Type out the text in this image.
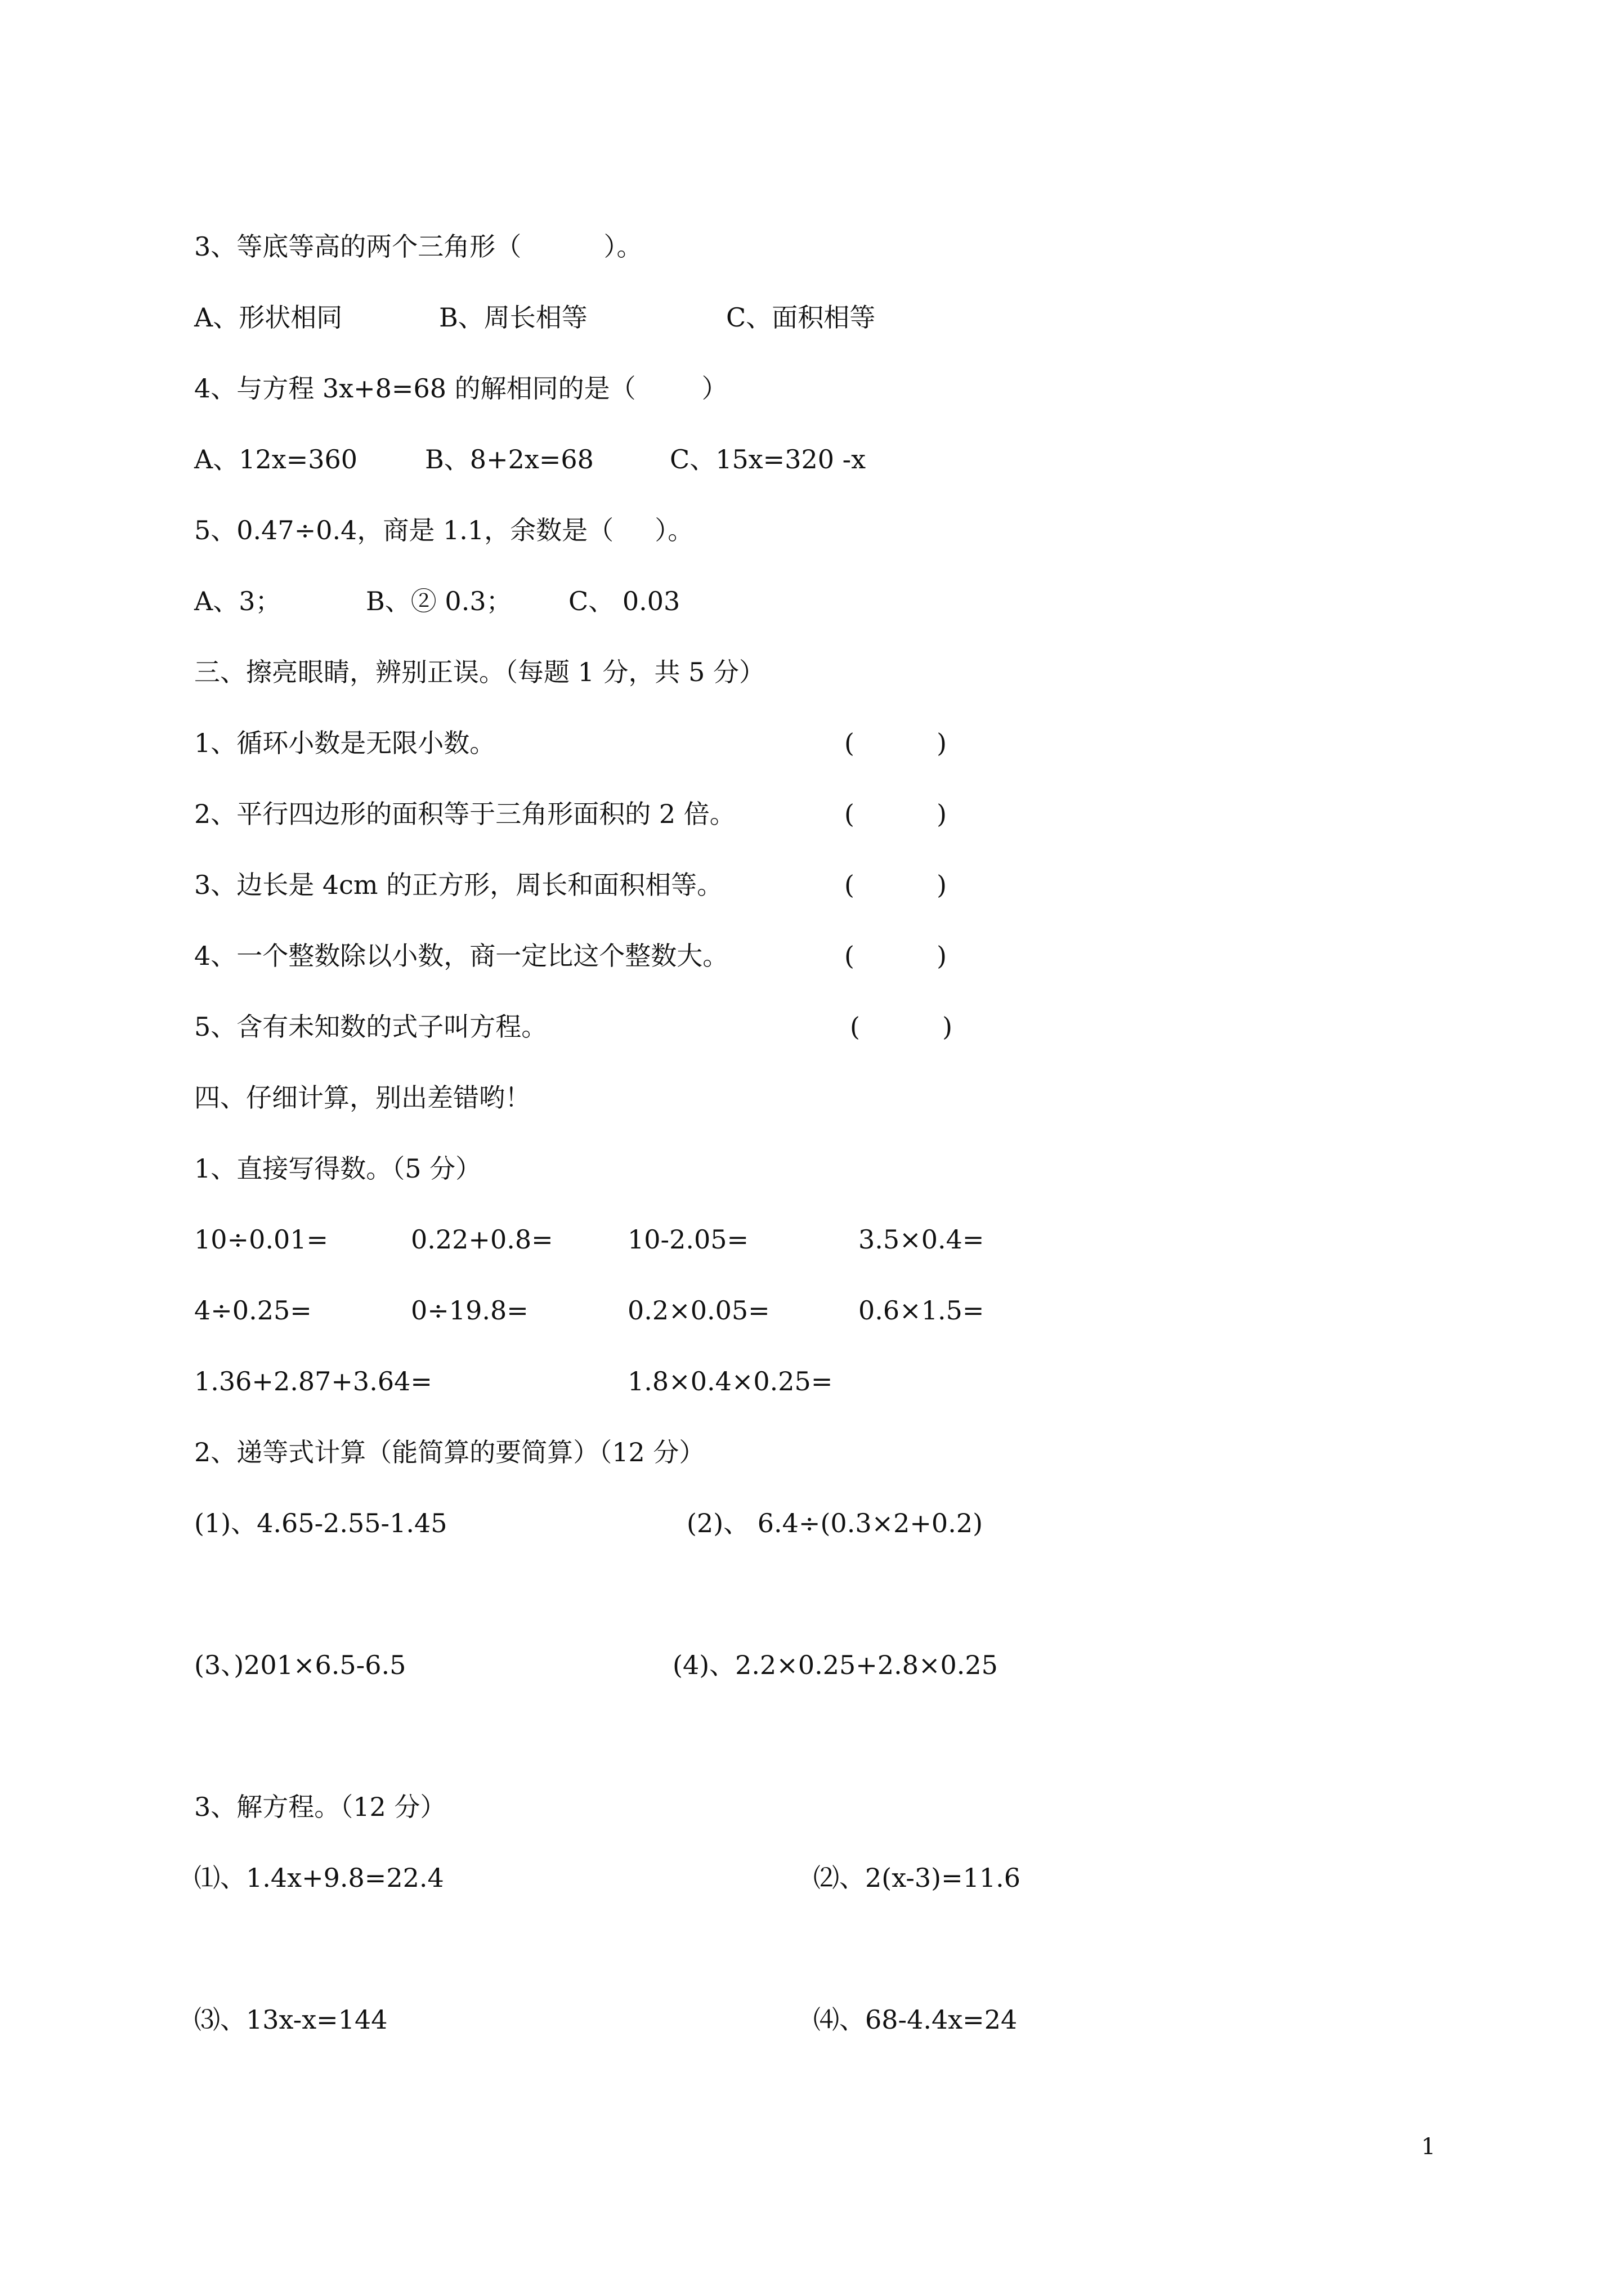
3、等底等高的两个三角形（          ）。
A、形状相同	B、周长相等	C、面积相等
4、与方程 3x+8=68 的解相同的是（        ）
A、12x=360	B、8+2x=68	C、15x=320 -x
5、0.47÷0.4，商是 1.1，余数是（     ）。
A、3；	B、② 0.3； C、 0.03
三、擦亮眼睛，辨别正误。（每题 1 分，共 5 分）
1、循环小数是无限小数。	(          )
2、平行四边形的面积等于三角形面积的 2 倍。	(          )
3、边长是 4cm 的正方形，周长和面积相等。	(          )
4、一个整数除以小数，商一定比这个整数大。	(          )
5、含有未知数的式子叫方程。	(          )
四、仔细计算，别出差错哟！
1、直接写得数。（5 分）
10÷0.01=	0.22+0.8=	10-2.05=	3.5×0.4=
4÷0.25=	0÷19.8=	0.2×0.05=	0.6×1.5=
1.36+2.87+3.64=	1.8×0.4×0.25=
2、递等式计算（能简算的要简算）（12 分）
(1)、4.65-2.55-1.45	(2)、 6.4÷(0.3×2+0.2)
(3、)201×6.5-6.5	(4)、2.2×0.25+2.8×0.25
3、解方程。（12 分）
⑴、1.4x+9.8=22.4	⑵、2(x-3)=11.6
⑶、13x-x=144	⑷、68-4.4x=24
1
